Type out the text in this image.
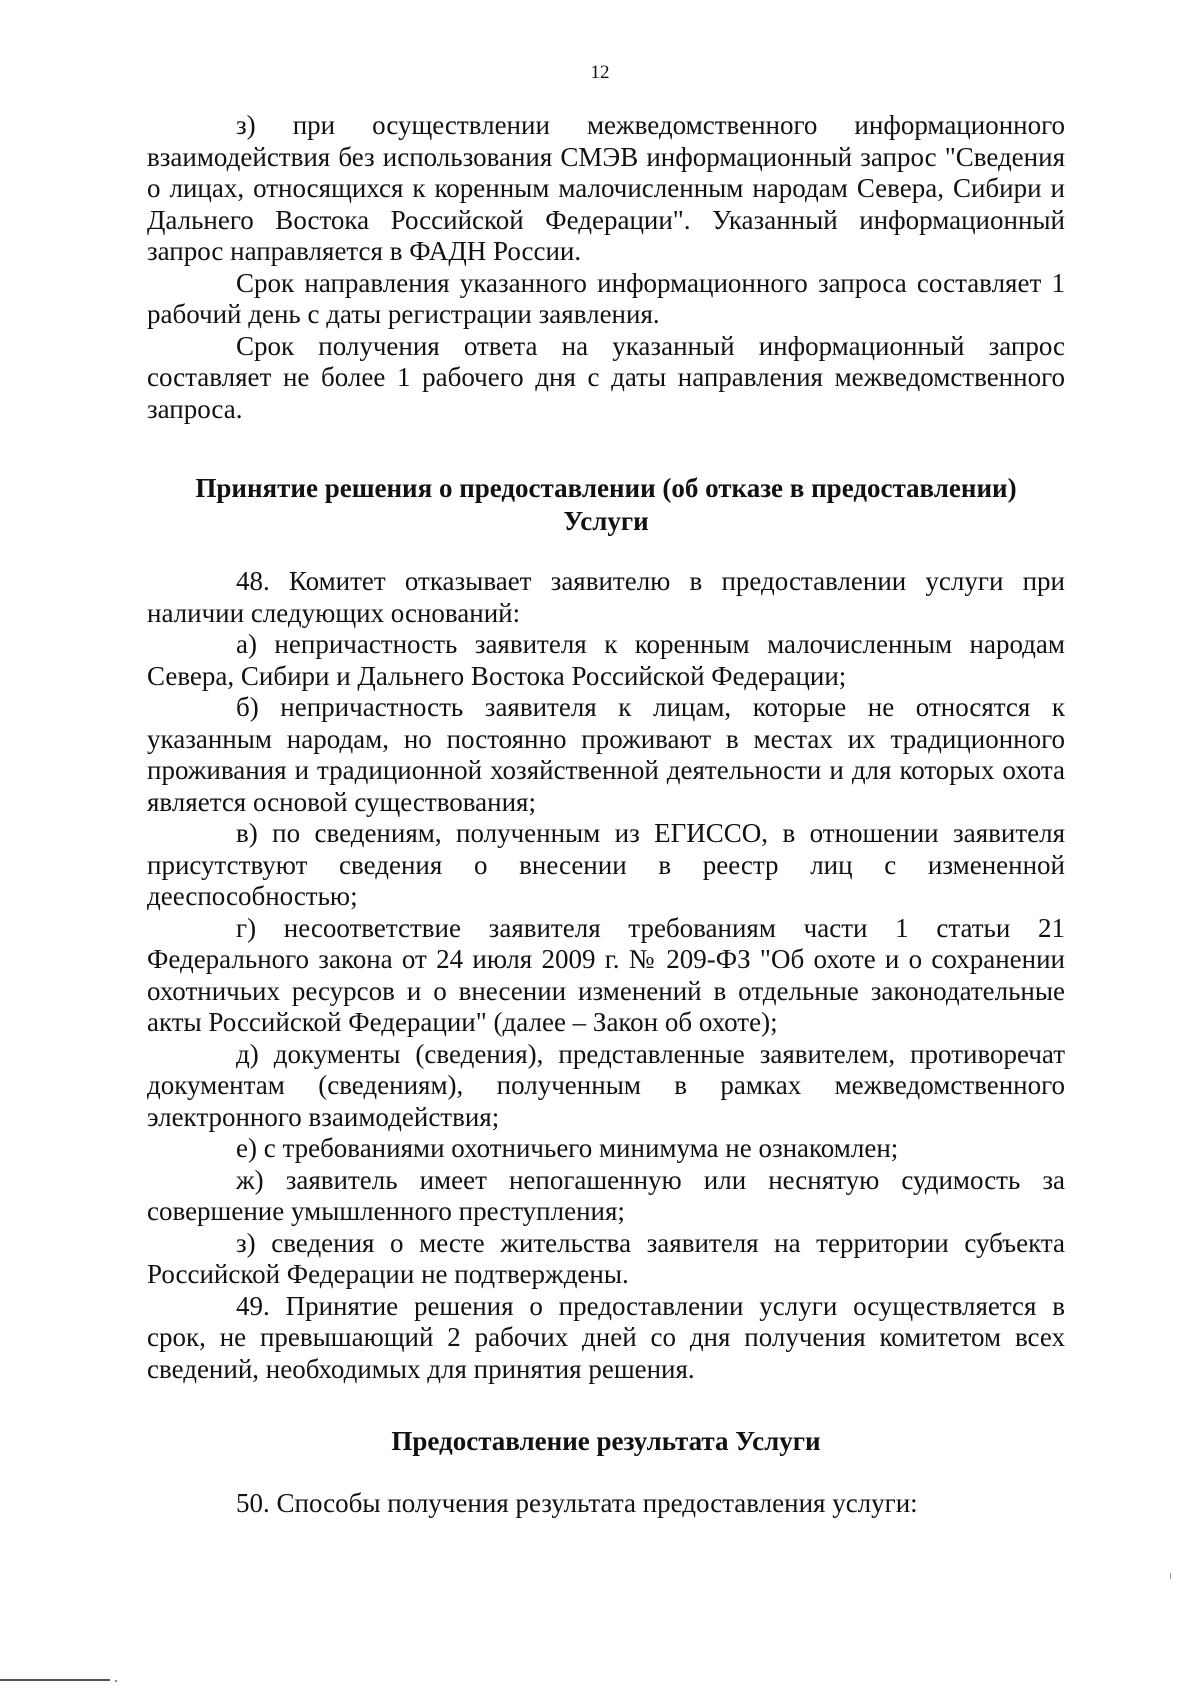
12

з) при осуществлении межведомственного информационного взаимодействия без использования СМЭВ информационный запрос "Сведения о лицах, относящихся к коренным малочисленным народам Севера, Сибири и Дальнего Востока Российской Федерации". Указанный информационный запрос направляется в ФАДН России.

Срок направления указанного информационного запроса составляет 1 рабочий день с даты регистрации заявления.

Срок получения ответа на указанный информационный запрос составляет не более 1 рабочего дня с даты направления межведомственного запроса.

Принятие решения о предоставлении (об отказе в предоставлении)
Услуги

48. Комитет отказывает заявителю в предоставлении услуги при наличии следующих оснований:

а) непричастность заявителя к коренным малочисленным народам Севера, Сибири и Дальнего Востока Российской Федерации;

б) непричастность заявителя к лицам, которые не относятся к указанным народам, но постоянно проживают в местах их традиционного проживания и традиционной хозяйственной деятельности и для которых охота является основой существования;

в) по сведениям, полученным из ЕГИССО, в отношении заявителя присутствуют сведения о внесении в реестр лиц с измененной дееспособностью;

г) несоответствие заявителя требованиям части 1 статьи 21 Федерального закона от 24 июля 2009 г. № 209-ФЗ "Об охоте и о сохранении охотничьих ресурсов и о внесении изменений в отдельные законодательные акты Российской Федерации" (далее – Закон об охоте);

д) документы (сведения), представленные заявителем, противоречат документам (сведениям), полученным в рамках межведомственного электронного взаимодействия;

е) с требованиями охотничьего минимума не ознакомлен;

ж) заявитель имеет непогашенную или неснятую судимость за совершение умышленного преступления;

з) сведения о месте жительства заявителя на территории субъекта Российской Федерации не подтверждены.

49. Принятие решения о предоставлении услуги осуществляется в срок, не превышающий 2 рабочих дней со дня получения комитетом всех сведений, необходимых для принятия решения.

Предоставление результата Услуги

50. Способы получения результата предоставления услуги:
